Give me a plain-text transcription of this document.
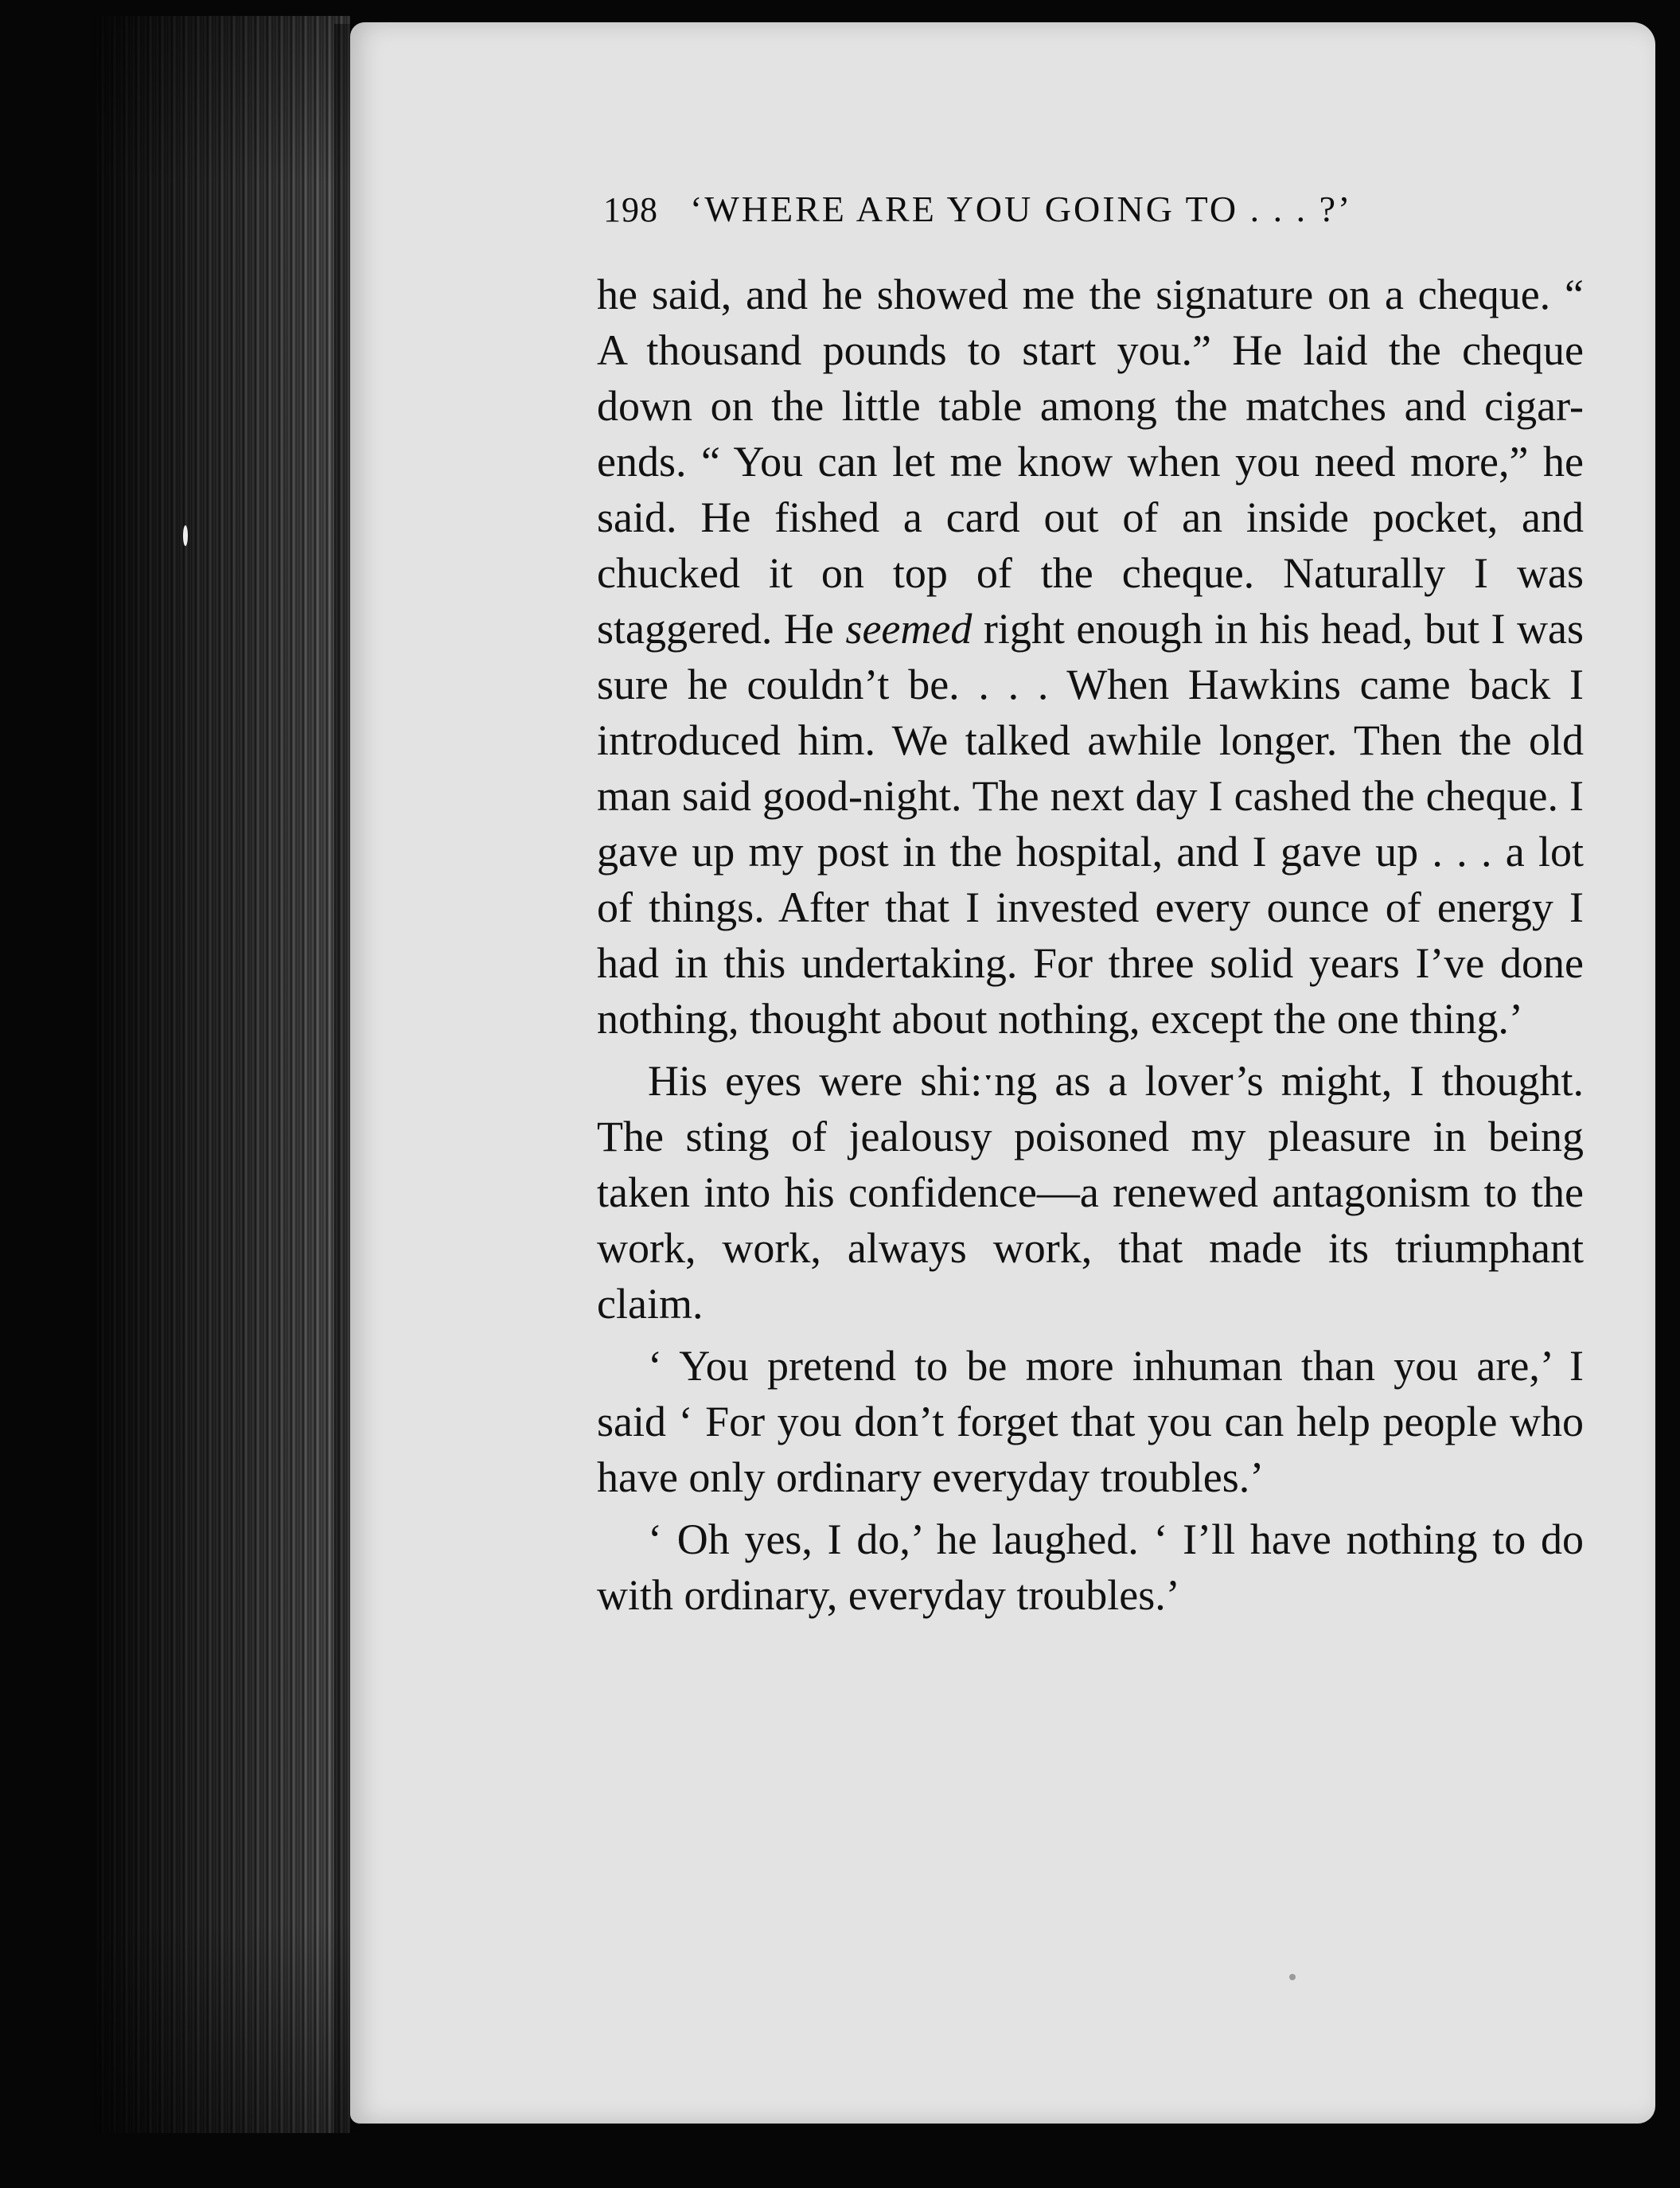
198 ‘WHERE ARE YOU GOING TO . . . ?’

he said, and he showed me the signature on a cheque. “ A thousand pounds to start you.” He laid the cheque down on the little table among the matches and cigar-ends. “ You can let me know when you need more,” he said. He fished a card out of an inside pocket, and chucked it on top of the cheque. Naturally I was staggered. He seemed right enough in his head, but I was sure he couldn’t be. . . . When Hawkins came back I introduced him. We talked awhile longer. Then the old man said good-night. The next day I cashed the cheque. I gave up my post in the hospital, and I gave up . . . a lot of things. After that I invested every ounce of energy I had in this undertaking. For three solid years I’ve done nothing, thought about nothing, except the one thing.’

His eyes were shi:ˑng as a lover’s might, I thought. The sting of jealousy poisoned my pleasure in being taken into his confidence—a renewed antagonism to the work, work, always work, that made its triumphant claim.

‘ You pretend to be more inhuman than you are,’ I said ‘ For you don’t forget that you can help people who have only ordinary everyday troubles.’

‘ Oh yes, I do,’ he laughed. ‘ I’ll have nothing to do with ordinary, everyday troubles.’
